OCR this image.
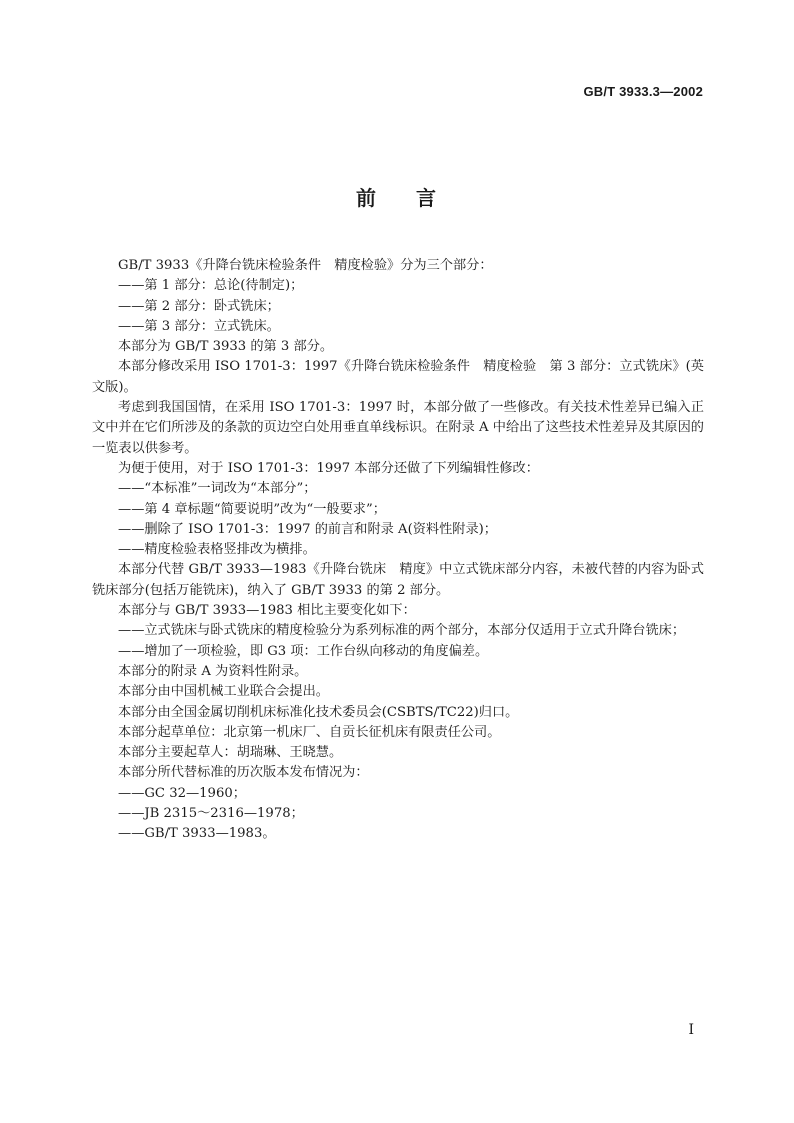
GB/T 3933.3—2002
前 言

GB/T 3933《升降台铣床检验条件　精度检验》分为三个部分：

——第 1 部分：总论(待制定)；

——第 2 部分：卧式铣床；

——第 3 部分：立式铣床。

本部分为 GB/T 3933 的第 3 部分。

本部分修改采用 ISO 1701-3：1997《升降台铣床检验条件　精度检验　第 3 部分：立式铣床》(英文版)。

考虑到我国国情，在采用 ISO 1701-3：1997 时，本部分做了一些修改。有关技术性差异已编入正文中并在它们所涉及的条款的页边空白处用垂直单线标识。在附录 A 中给出了这些技术性差异及其原因的一览表以供参考。

为便于使用，对于 ISO 1701-3：1997 本部分还做了下列编辑性修改：

——“本标准”一词改为“本部分”；

——第 4 章标题“简要说明”改为“一般要求”；

——删除了 ISO 1701-3：1997 的前言和附录 A(资料性附录)；

——精度检验表格竖排改为横排。

本部分代替 GB/T 3933—1983《升降台铣床　精度》中立式铣床部分内容，未被代替的内容为卧式铣床部分(包括万能铣床)，纳入了 GB/T 3933 的第 2 部分。

本部分与 GB/T 3933—1983 相比主要变化如下：

——立式铣床与卧式铣床的精度检验分为系列标准的两个部分，本部分仅适用于立式升降台铣床；

——增加了一项检验，即 G3 项：工作台纵向移动的角度偏差。

本部分的附录 A 为资料性附录。

本部分由中国机械工业联合会提出。

本部分由全国金属切削机床标准化技术委员会(CSBTS/TC22)归口。

本部分起草单位：北京第一机床厂、自贡长征机床有限责任公司。

本部分主要起草人：胡瑞琳、王晓慧。

本部分所代替标准的历次版本发布情况为：

——GC 32—1960；

——JB 2315～2316—1978；

——GB/T 3933—1983。

I
